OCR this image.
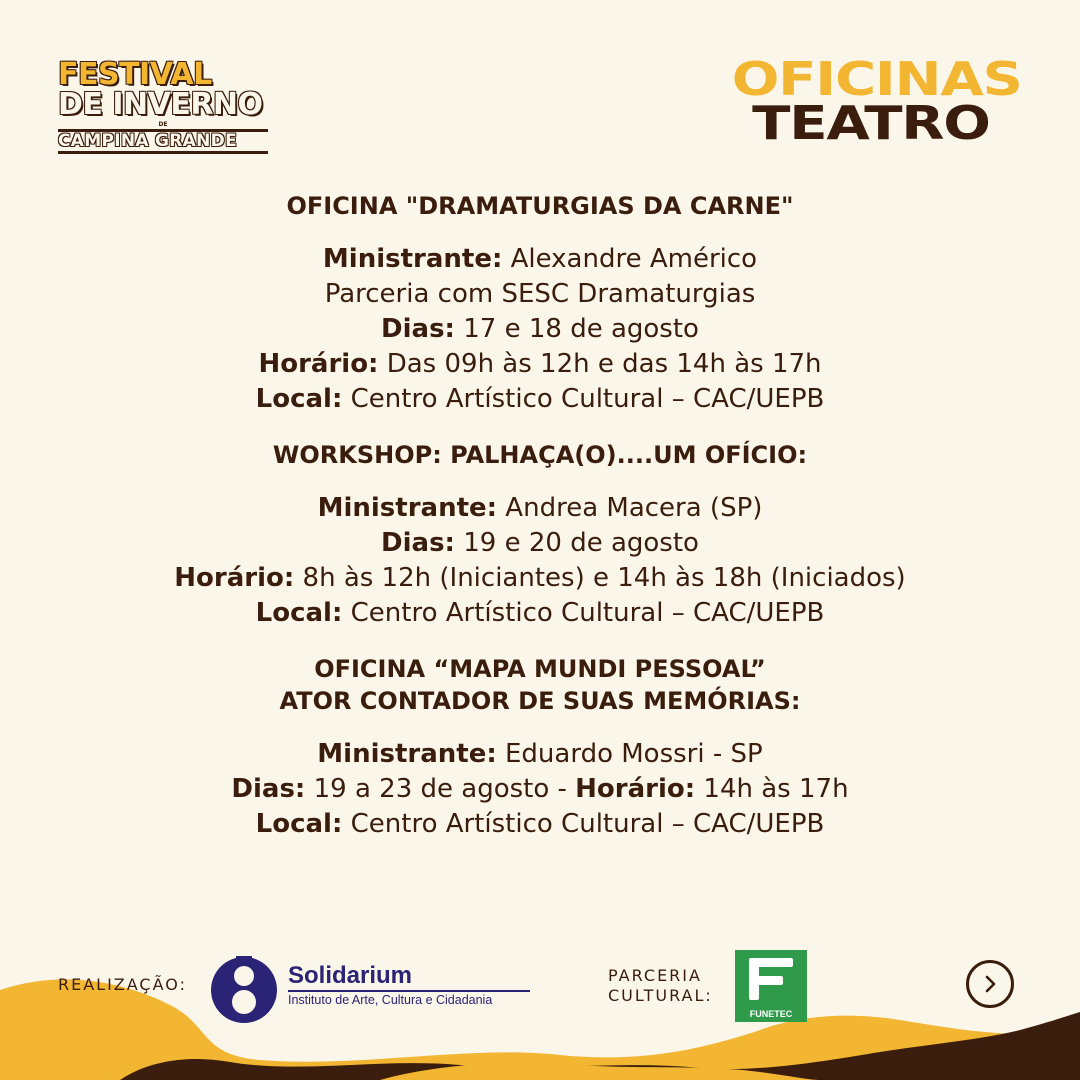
FESTIVAL
DE INVERNO
DE
CAMPINA GRANDE
OFICINAS
TEATRO

OFICINA "DRAMATURGIAS DA CARNE"

Ministrante: Alexandre Américo

Parceria com SESC Dramaturgias

Dias: 17 e 18 de agosto

Horário: Das 09h às 12h e das 14h às 17h

Local: Centro Artístico Cultural – CAC/UEPB

WORKSHOP: PALHAÇA(O)....UM OFÍCIO:

Ministrante: Andrea Macera (SP)

Dias: 19 e 20 de agosto

Horário: 8h às 12h (Iniciantes) e 14h às 18h (Iniciados)

Local: Centro Artístico Cultural – CAC/UEPB

OFICINA “MAPA MUNDI PESSOAL”

ATOR CONTADOR DE SUAS MEMÓRIAS:

Ministrante: Eduardo Mossri - SP

Dias: 19 a 23 de agosto - Horário: 14h às 17h

Local: Centro Artístico Cultural – CAC/UEPB

REALIZAÇÃO:	Solidarium
Instituto de Arte, Cultura e Cidadania
PARCERIA
CULTURAL:
FUNETEC
